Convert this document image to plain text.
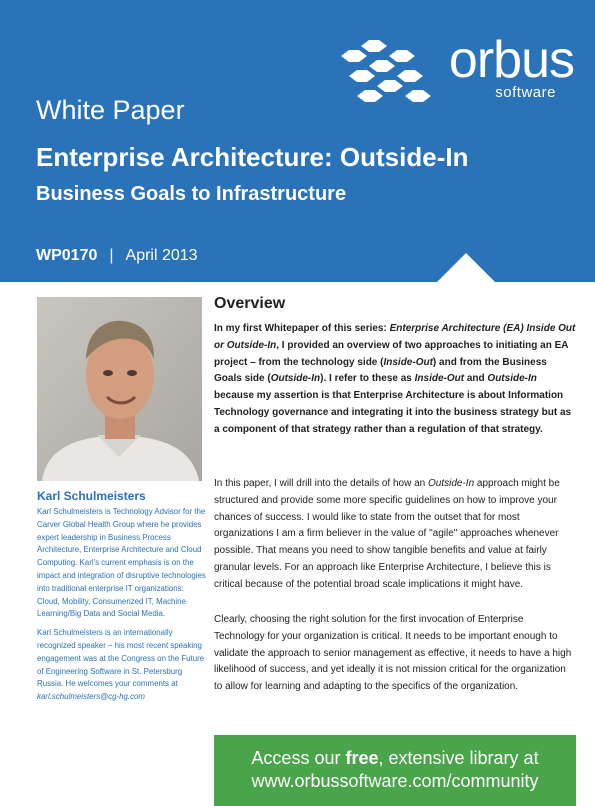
orbus
software
White Paper
Enterprise Architecture: Outside-In
Business Goals to Infrastructure
WP0170 | April 2013
Karl Schulmeisters

Karl Schulmeisters is Technology Advisor for the Carver Global Health Group where he provides expert leadership in Business Process Architecture, Enterprise Architecture and Cloud Computing. Karl's current emphasis is on the impact and integration of disruptive technologies into traditional enterprise IT organizations: Cloud, Mobility, Consumerized IT, Machine Learning/Big Data and Social Media.

Karl Schulmeisters is an internationally recognized speaker – his most recent speaking engagement was at the Congress on the Future of Engineering Software in St. Petersburg Russia. He welcomes your comments at
karl.schulmeisters@cg-hg.com

Overview
In my first Whitepaper of this series: Enterprise Architecture (EA) Inside Out or Outside-In, I provided an overview of two approaches to initiating an EA project – from the technology side (Inside-Out) and from the Business Goals side (Outside-In). I refer to these as Inside-Out and Outside-In because my assertion is that Enterprise Architecture is about Information Technology governance and integrating it into the business strategy but as a component of that strategy rather than a regulation of that strategy.
In this paper, I will drill into the details of how an Outside-In approach might be structured and provide some more specific guidelines on how to improve your chances of success. I would like to state from the outset that for most organizations I am a firm believer in the value of "agile" approaches whenever possible. That means you need to show tangible benefits and value at fairly granular levels. For an approach like Enterprise Architecture, I believe this is critical because of the potential broad scale implications it might have.
Clearly, choosing the right solution for the first invocation of Enterprise Technology for your organization is critical. It needs to be important enough to validate the approach to senior management as effective, it needs to have a high likelihood of success, and yet ideally it is not mission critical for the organization to allow for learning and adapting to the specifics of the organization.
Access our free, extensive library at
www.orbussoftware.com/community
